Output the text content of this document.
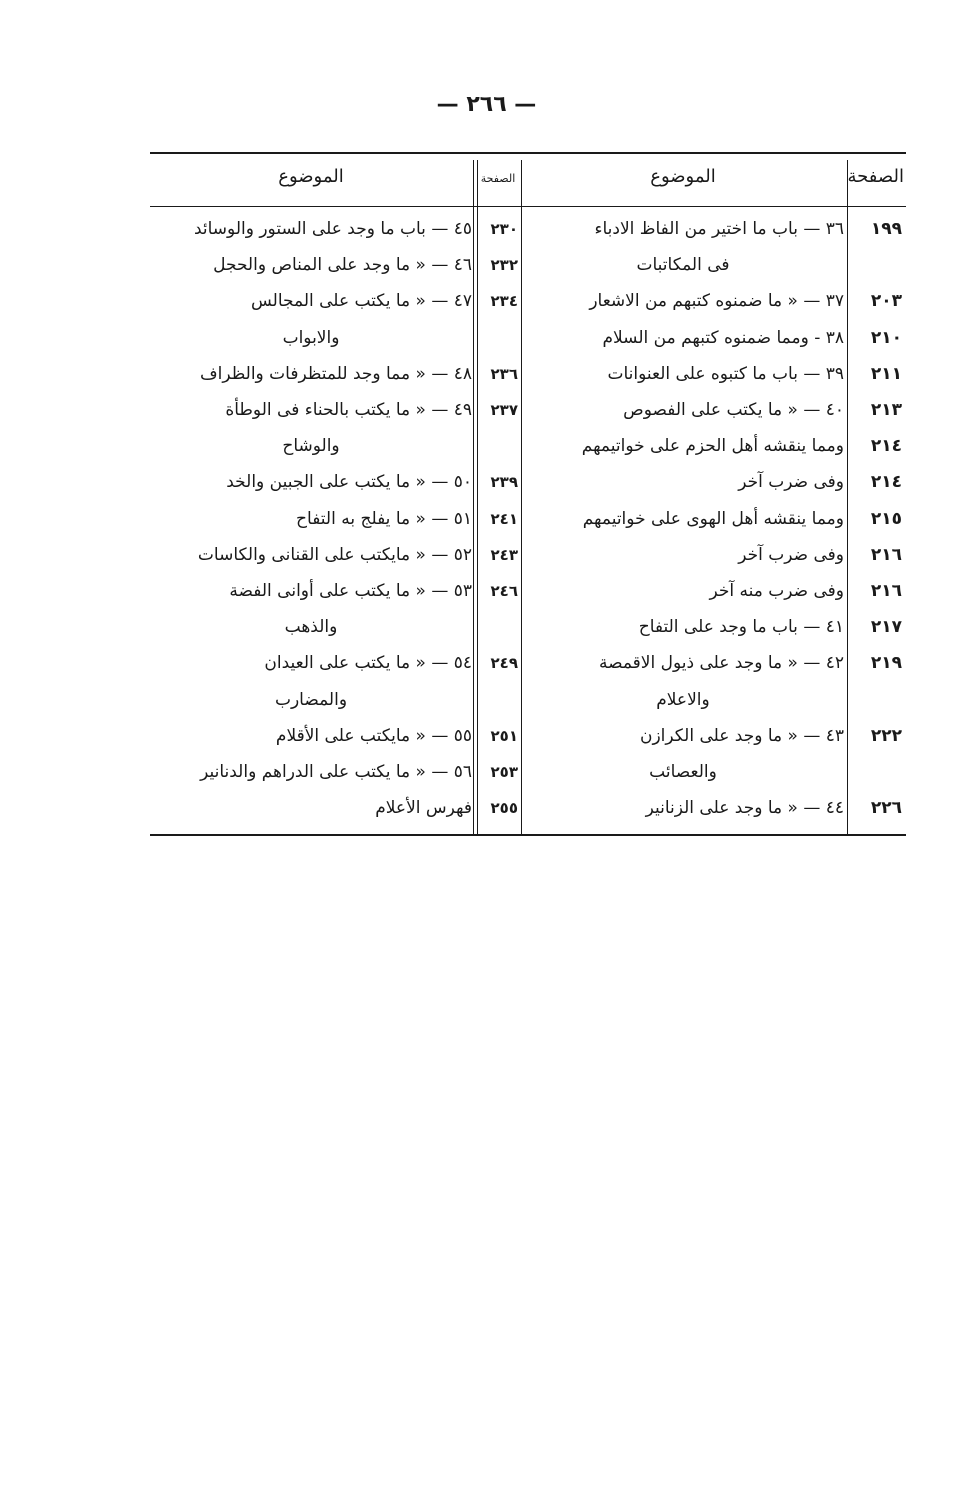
— ٢٦٦ —
الصفحة
الموضوع
الصفحة
الموضوع
١٩٩
٣٦ — باب ما اختير من الفاظ الادباء
٢٣٠
٤٥ — باب ما وجد على الستور والوسائد
فى المكاتبات
٢٣٢
٤٦ — « ما وجد على المناص والحجل
٢٠٣
٣٧ — « ما ضمنوه كتبهم من الاشعار
٢٣٤
٤٧ — « ما يكتب على المجالس
٢١٠
٣٨ - ومما ضمنوه كتبهم من السلام
والابواب
٢١١
٣٩ — باب ما كتبوه على العنوانات
٢٣٦
٤٨ — « مما وجد للمتظرفات والظراف
٢١٣
٤٠ — « ما يكتب على الفصوص
٢٣٧
٤٩ — « ما يكتب بالحناء فى الوطأة
٢١٤
ومما ينقشه أهل الحزم على خواتيمهم
والوشاح
٢١٤
وفى ضرب آخر
٢٣٩
٥٠ — « ما يكتب على الجبين والخد
٢١٥
ومما ينقشه أهل الهوى على خواتيمهم
٢٤١
٥١ — « ما يفلج به التفاح
٢١٦
وفى ضرب آخر
٢٤٣
٥٢ — « مايكتب على القنانى والكاسات
٢١٦
وفى ضرب منه آخر
٢٤٦
٥٣ — « ما يكتب على أوانى الفضة
٢١٧
٤١ — باب ما وجد على التفاح
والذهب
٢١٩
٤٢ — « ما وجد على ذيول الاقمصة
٢٤٩
٥٤ — « ما يكتب على العيدان
والاعلام
والمضارب
٢٢٢
٤٣ — « ما وجد على الكرازن
٢٥١
٥٥ — « مايكتب على الأقلام
والعصائب
٢٥٣
٥٦ — « ما يكتب على الدراهم والدنانير
٢٢٦
٤٤ — « ما وجد على الزنانير
٢٥٥
فهرس الأعلام
